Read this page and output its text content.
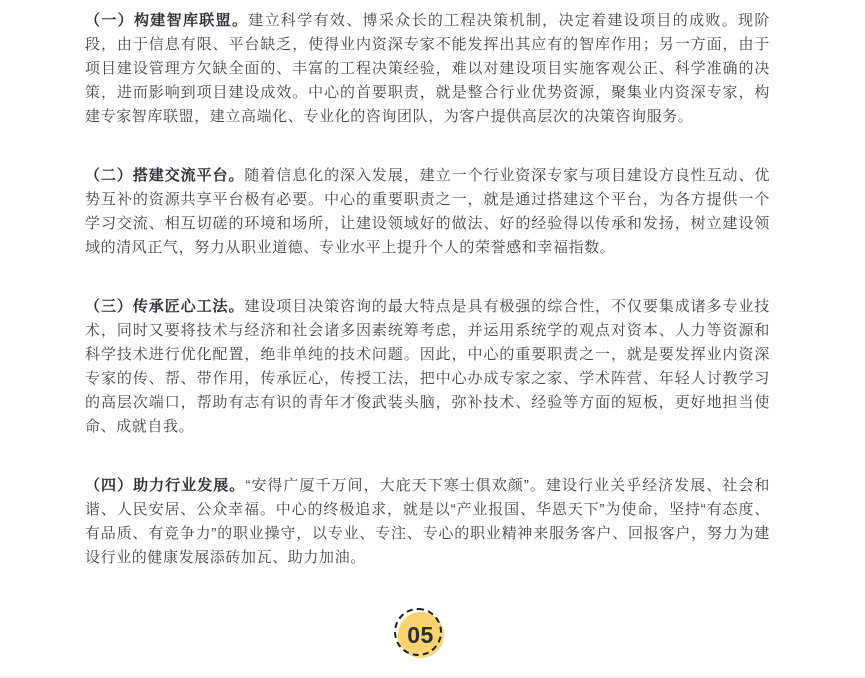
（一）构建智库联盟。建立科学有效、博采众长的工程决策机制，决定着建设项目的成败。现阶段，由于信息有限、平台缺乏，使得业内资深专家不能发挥出其应有的智库作用；另一方面，由于项目建设管理方欠缺全面的、丰富的工程决策经验，难以对建设项目实施客观公正、科学准确的决策，进而影响到项目建设成效。中心的首要职责，就是整合行业优势资源，聚集业内资深专家，构建专家智库联盟，建立高端化、专业化的咨询团队，为客户提供高层次的决策咨询服务。

（二）搭建交流平台。随着信息化的深入发展，建立一个行业资深专家与项目建设方良性互动、优势互补的资源共享平台极有必要。中心的重要职责之一，就是通过搭建这个平台，为各方提供一个学习交流、相互切磋的环境和场所，让建设领域好的做法、好的经验得以传承和发扬，树立建设领域的清风正气，努力从职业道德、专业水平上提升个人的荣誉感和幸福指数。

（三）传承匠心工法。建设项目决策咨询的最大特点是具有极强的综合性，不仅要集成诸多专业技术，同时又要将技术与经济和社会诸多因素统筹考虑，并运用系统学的观点对资本、人力等资源和科学技术进行优化配置，绝非单纯的技术问题。因此，中心的重要职责之一，就是要发挥业内资深专家的传、帮、带作用，传承匠心，传授工法，把中心办成专家之家、学术阵营、年轻人讨教学习的高层次端口，帮助有志有识的青年才俊武装头脑，弥补技术、经验等方面的短板，更好地担当使命、成就自我。

（四）助力行业发展。“安得广厦千万间，大庇天下寒士俱欢颜”。建设行业关乎经济发展、社会和谐、人民安居、公众幸福。中心的终极追求，就是以“产业报国、华恩天下”为使命，坚持“有态度、有品质、有竞争力”的职业操守，以专业、专注、专心的职业精神来服务客户、回报客户，努力为建设行业的健康发展添砖加瓦、助力加油。

05
